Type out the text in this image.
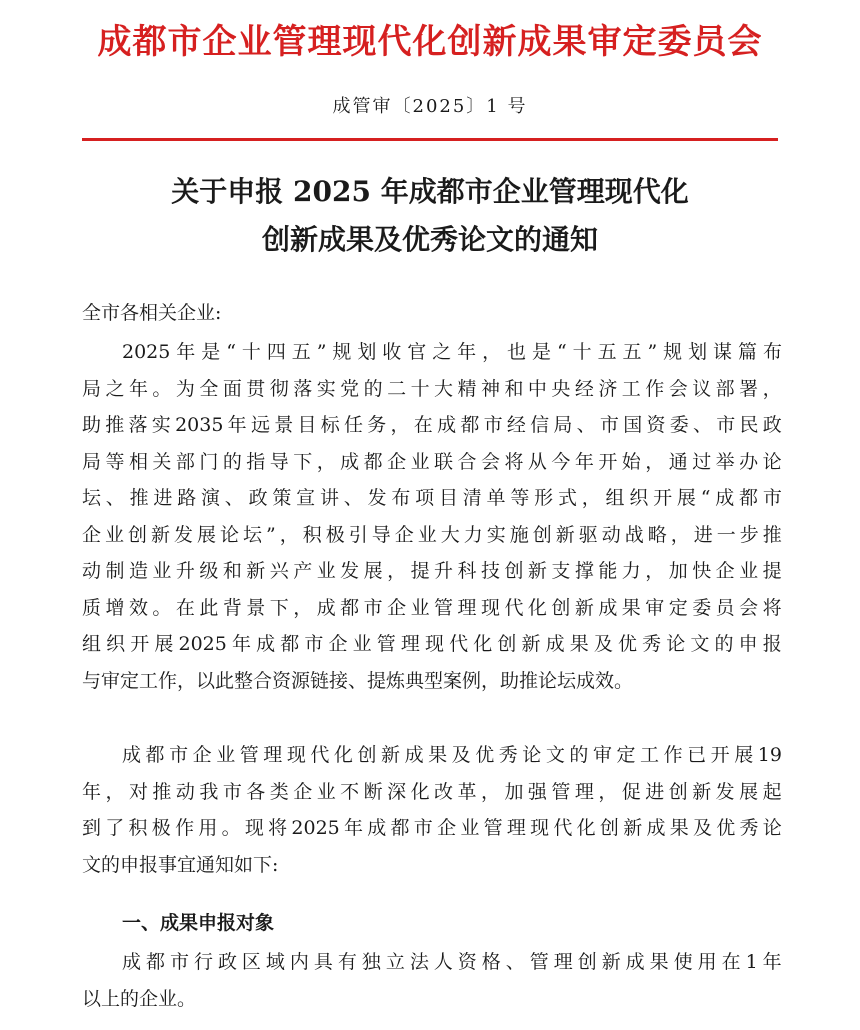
成都市企业管理现代化创新成果审定委员会
成管审〔2025〕1 号
关于申报 2025 年成都市企业管理现代化
创新成果及优秀论文的通知
全市各相关企业:
2025 年 是 “ 十 四 五 ” 规 划 收 官 之 年 ， 也 是 “ 十 五 五 ” 规 划 谋 篇 布
局 之 年 。 为 全 面 贯 彻 落 实 党 的 二 十 大 精 神 和 中 央 经 济 工 作 会 议 部 署 ，
助 推 落 实 2035 年 远 景 目 标 任 务 ， 在 成 都 市 经 信 局 、 市 国 资 委 、 市 民 政
局 等 相 关 部 门 的 指 导 下 ， 成 都 企 业 联 合 会 将 从 今 年 开 始 ， 通 过 举 办 论
坛 、 推 进 路 演 、 政 策 宣 讲 、 发 布 项 目 清 单 等 形 式 ， 组 织 开 展 “ 成 都 市
企 业 创 新 发 展 论 坛 ” ， 积 极 引 导 企 业 大 力 实 施 创 新 驱 动 战 略 ， 进 一 步 推
动 制 造 业 升 级 和 新 兴 产 业 发 展 ， 提 升 科 技 创 新 支 撑 能 力 ， 加 快 企 业 提
质 增 效 。 在 此 背 景 下 ， 成 都 市 企 业 管 理 现 代 化 创 新 成 果 审 定 委 员 会 将
组 织 开 展 2025 年 成 都 市 企 业 管 理 现 代 化 创 新 成 果 及 优 秀 论 文 的 申 报
与审定工作，以此整合资源链接、提炼典型案例，助推论坛成效。
成 都 市 企 业 管 理 现 代 化 创 新 成 果 及 优 秀 论 文 的 审 定 工 作 已 开 展 19
年 ， 对 推 动 我 市 各 类 企 业 不 断 深 化 改 革 ， 加 强 管 理 ， 促 进 创 新 发 展 起
到 了 积 极 作 用 。 现 将 2025 年 成 都 市 企 业 管 理 现 代 化 创 新 成 果 及 优 秀 论
文的申报事宜通知如下:
一、成果申报对象
成 都 市 行 政 区 域 内 具 有 独 立 法 人 资 格 、 管 理 创 新 成 果 使 用 在 1 年
以上的企业。
